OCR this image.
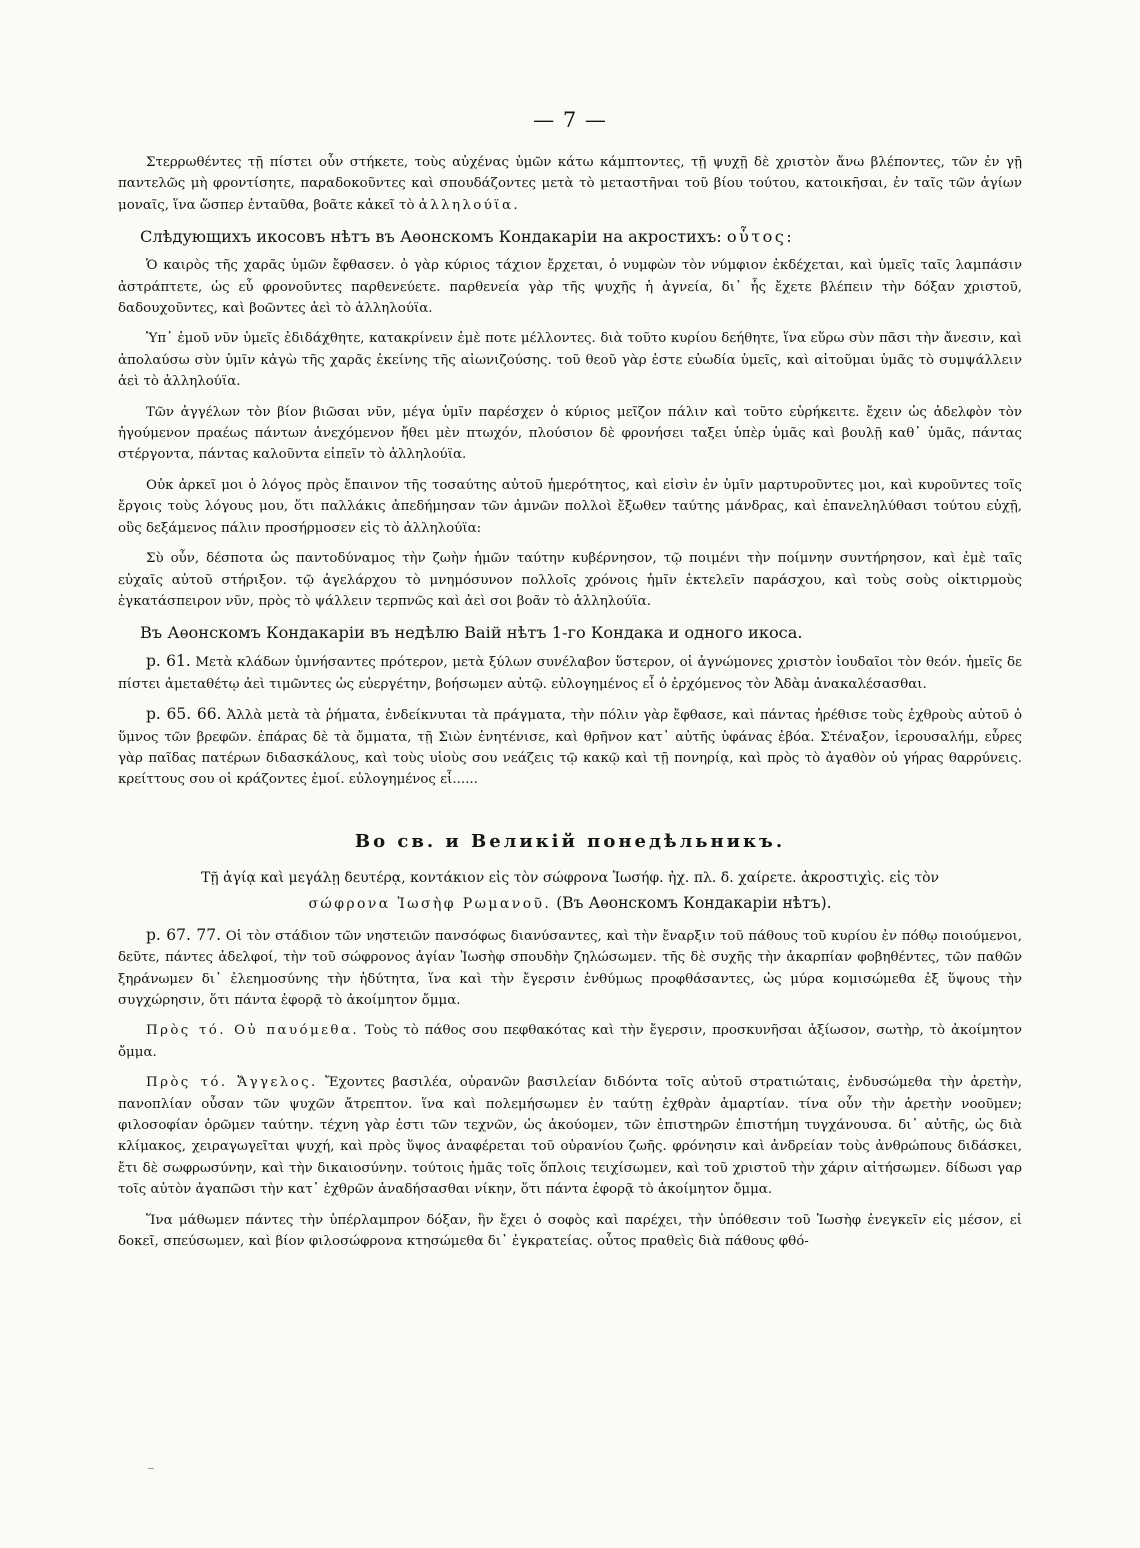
— 7 —

Στερρωθέντες τῇ πίστει οὖν στήκετε, τοὺς αὐχένας ὑμῶν κάτω κάμπτοντες, τῇ ψυχῇ δὲ χριστὸν ἄνω βλέποντες, τῶν ἐν γῇ παντελῶς μὴ φροντίσητε, παραδοκοῦντες καὶ σπουδάζοντες μετὰ τὸ μεταστῆναι τοῦ βίου τούτου, κατοικῆσαι, ἐν ταῖς τῶν ἁγίων μοναῖς, ἵνα ὥσπερ ἐνταῦθα, βοᾶτε κἀκεῖ τὸ ἀλληλούϊα.

Слѣдующихъ икосовъ нѣтъ въ Аѳонскомъ Кондакаріи на акростихъ: οὗτος:

Ὁ καιρὸς τῆς χαρᾶς ὑμῶν ἔφθασεν. ὁ γὰρ κύριος τάχιον ἔρχεται, ὁ νυμφὼν τὸν νύμφιον ἐκδέχεται, καὶ ὑμεῖς ταῖς λαμπάσιν ἀστράπτετε, ὡς εὖ φρονοῦντες παρθενεύετε. παρθενεία γὰρ τῆς ψυχῆς ἡ ἁγνεία, δι᾽ ἧς ἔχετε βλέπειν τὴν δόξαν χριστοῦ, δαδουχοῦντες, καὶ βοῶντες ἀεὶ τὸ ἀλληλούϊα.

Ὑπ᾽ ἐμοῦ νῦν ὑμεῖς ἐδιδάχθητε, κατακρίνειν ἐμὲ ποτε μέλλοντες. διὰ τοῦτο κυρίου δεήθητε, ἵνα εὕρω σὺν πᾶσι τὴν ἄνεσιν, καὶ ἀπολαύσω σὺν ὑμῖν κἀγὼ τῆς χαρᾶς ἐκείνης τῆς αἰωνιζούσης. τοῦ θεοῦ γὰρ ἐστε εὐωδία ὑμεῖς, καὶ αἰτοῦμαι ὑμᾶς τὸ συμψάλλειν ἀεὶ τὸ ἀλληλούϊα.

Τῶν ἀγγέλων τὸν βίον βιῶσαι νῦν, μέγα ὑμῖν παρέσχεν ὁ κύριος μεῖζον πάλιν καὶ τοῦτο εὑρήκειτε. ἔχειν ὡς ἀδελφὸν τὸν ἡγούμενον πραέως πάντων ἀνεχόμενον ἤθει μὲν πτωχόν, πλούσιον δὲ φρονήσει ταξει ὑπὲρ ὑμᾶς καὶ βουλῇ καθ᾽ ὑμᾶς, πάντας στέργοντα, πάντας καλοῦντα εἰπεῖν τὸ ἀλληλούϊα.

Οὐκ ἀρκεῖ μοι ὁ λόγος πρὸς ἔπαινον τῆς τοσαύτης αὐτοῦ ἡμερότητος, καὶ εἰσὶν ἐν ὑμῖν μαρτυροῦντες μοι, καὶ κυροῦντες τοῖς ἔργοις τοὺς λόγους μου, ὅτι παλλάκις ἀπεδήμησαν τῶν ἀμνῶν πολλοὶ ἔξωθεν ταύτης μάνδρας, καὶ ἐπανεληλύθασι τούτου εὐχῇ, οὓς δεξάμενος πάλιν προσήρμοσεν εἰς τὸ ἀλληλούϊα:

Σὺ οὖν, δέσποτα ὡς παντοδύναμος τὴν ζωὴν ἡμῶν ταύτην κυβέρνησον, τῷ ποιμένι τὴν ποίμνην συντήρησον, καὶ ἐμὲ ταῖς εὐχαῖς αὐτοῦ στήριξον. τῷ ἀγελάρχου τὸ μνημόσυνον πολλοῖς χρόνοις ἡμῖν ἐκτελεῖν παράσχου, καὶ τοὺς σοὺς οἰκτιρμοὺς ἐγκατάσπειρον νῦν, πρὸς τὸ ψάλλειν τερπνῶς καὶ ἀεὶ σοι βοᾶν τὸ ἀλληλούϊα.

Въ Аѳонскомъ Кондакаріи въ недѣлю Ваій нѣтъ 1-го Кондака и одного икоса.

р. 61. Μετὰ κλάδων ὑμνήσαντες πρότερον, μετὰ ξύλων συνέλαβον ὕστερον, οἱ ἀγνώμονες χριστὸν ἰουδαῖοι τὸν θεόν. ἡμεῖς δε πίστει ἀμεταθέτῳ ἀεὶ τιμῶντες ὡς εὐεργέτην, βοήσωμεν αὐτῷ. εὐλογημένος εἶ ὁ ἐρχόμενος τὸν Ἀδὰμ ἀνακαλέσασθαι.

р. 65. 66. Ἀλλὰ μετὰ τὰ ῥήματα, ἐνδείκνυται τὰ πράγματα, τὴν πόλιν γὰρ ἔφθασε, καὶ πάντας ἠρέθισε τοὺς ἐχθροὺς αὐτοῦ ὁ ὕμνος τῶν βρεφῶν. ἐπάρας δὲ τὰ ὄμματα, τῇ Σιὼν ἐνητένισε, καὶ θρῆνον κατ᾽ αὐτῆς ὑφάνας ἐβόα. Στέναξον, ἱερουσαλήμ, εὗρες γὰρ παῖδας πατέρων διδασκάλους, καὶ τοὺς υἱοὺς σου νεάζεις τῷ κακῷ καὶ τῇ πονηρίᾳ, καὶ πρὸς τὸ ἀγαθὸν οὐ γήρας θαρρύνεις. κρείττους σου οἱ κράζοντες ἐμοί. εὐλογημένος εἶ......

Во св. и Великій понедѣльникъ.

Τῇ ἁγίᾳ καὶ μεγάλῃ δευτέρᾳ, κοντάκιον εἰς τὸν σώφρονα Ἰωσήφ. ἠχ. πλ. δ̄. χαίρετε. ἀκροστιχὶς. εἰς τὸν
σώφρονα Ἰωσὴφ Ρωμανοῦ. (Въ Аѳонскомъ Кондакаріи нѣтъ).

р. 67. 77. Οἱ τὸν στάδιον τῶν νηστειῶν πανσόφως διανύσαντες, καὶ τὴν ἔναρξιν τοῦ πάθους τοῦ κυρίου ἐν πόθῳ ποιούμενοι, δεῦτε, πάντες ἀδελφοί, τὴν τοῦ σώφρονος ἁγίαν Ἰωσὴφ σπουδὴν ζηλώσωμεν. τῆς δὲ συχῆς τὴν ἀκαρπίαν φοβηθέντες, τῶν παθῶν ξηράνωμεν δι᾽ ἐλεημοσύνης τὴν ἡδύτητα, ἵνα καὶ τὴν ἔγερσιν ἐνθύμως προφθάσαντες, ὡς μύρα κομισώμεθα ἐξ ὕψους τὴν συγχώρησιν, ὅτι πάντα ἐφορᾷ τὸ ἀκοίμητον ὄμμα.

Πρὸς τό. Οὐ παυόμεθα. Τοὺς τὸ πάθος σου πεφθακότας καὶ τὴν ἔγερσιν, προσκυνῆσαι ἀξίωσον, σωτὴρ, τὸ ἀκοίμητον ὄμμα.

Πρὸς τό. Ἄγγελος. Ἔχοντες βασιλέα, οὐρανῶν βασιλείαν διδόντα τοῖς αὐτοῦ στρατιώταις, ἐνδυσώμεθα τὴν ἀρετὴν, πανοπλίαν οὖσαν τῶν ψυχῶν ἄτρεπτον. ἵνα καὶ πολεμήσωμεν ἐν ταύτῃ ἐχθρὰν ἁμαρτίαν. τίνα οὖν τὴν ἀρετὴν νοοῦμεν; φιλοσοφίαν ὁρῶμεν ταύτην. τέχνη γὰρ ἐστι τῶν τεχνῶν, ὡς ἀκούομεν, τῶν ἐπιστηρῶν ἐπιστήμη τυγχάνουσα. δι᾽ αὐτῆς, ὡς διὰ κλίμακος, χειραγωγεῖται ψυχή, καὶ πρὸς ὕψος ἀναφέρεται τοῦ οὐρανίου ζωῆς. φρόνησιν καὶ ἀνδρείαν τοὺς ἀνθρώπους διδάσκει, ἔτι δὲ σωφρωσύνην, καὶ τὴν δικαιοσύνην. τούτοις ἡμᾶς τοῖς ὅπλοις τειχίσωμεν, καὶ τοῦ χριστοῦ τὴν χάριν αἰτήσωμεν. δίδωσι γαρ τοῖς αὐτὸν ἀγαπῶσι τὴν κατ᾽ ἐχθρῶν ἀναδήσασθαι νίκην, ὅτι πάντα ἐφορᾷ τὸ ἀκοίμητον ὄμμα.

Ἵνα μάθωμεν πάντες τὴν ὑπέρλαμπρον δόξαν, ἣν ἔχει ὁ σοφὸς καὶ παρέχει, τὴν ὑπόθεσιν τοῦ Ἰωσὴφ ἐνεγκεῖν εἰς μέσον, εἰ δοκεῖ, σπεύσωμεν, καὶ βίον φιλοσώφρονα κτησώμεθα δι᾽ ἐγκρατείας. οὗτος πραθεὶς διὰ πάθους φθό-
